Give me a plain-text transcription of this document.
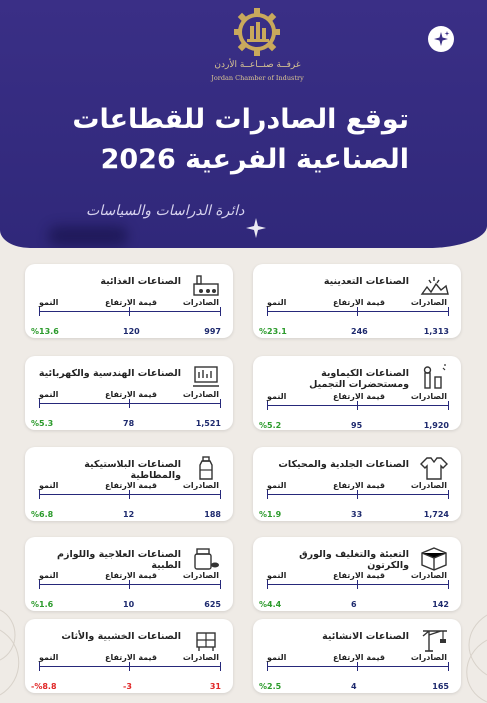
غرفــة صنــاعــة الأردن
Jordan Chamber of Industry
توقع الصادرات للقطاعات
الصناعية الفرعية 2026
دائرة الدراسات والسياسات
الصناعات التعدينية
الصادرات
قيمة الارتفاع
النمو
1,313
246
%23.1
الصناعات الغذائية
الصادرات
قيمة الارتفاع
النمو
997
120
%13.6
الصناعات الكيماوية ومستحضرات التجميل
الصادرات
قيمة الارتفاع
النمو
1,920
95
%5.2
الصناعات الهندسية والكهربائية
الصادرات
قيمة الارتفاع
النمو
1,521
78
%5.3
الصناعات الجلدية والمحيكات
الصادرات
قيمة الارتفاع
النمو
1,724
33
%1.9
الصناعات البلاستيكية والمطاطية
الصادرات
قيمة الارتفاع
النمو
188
12
%6.8
التعبئة والتغليف والورق والكرتون
الصادرات
قيمة الارتفاع
النمو
142
6
%4.4
الصناعات العلاجية واللوازم الطبية
الصادرات
قيمة الارتفاع
النمو
625
10
%1.6
الصناعات الانشائية
الصادرات
قيمة الارتفاع
النمو
165
4
%2.5
الصناعات الخشبية والأثاث
الصادرات
قيمة الارتفاع
النمو
31
-3
-%8.8
